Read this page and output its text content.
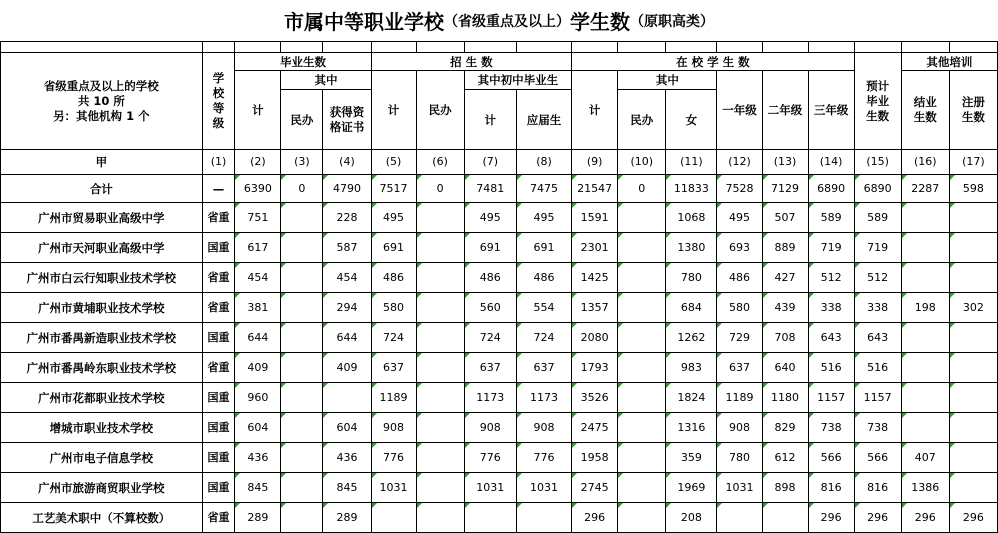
市属中等职业学校 （省级重点及以上） 学生数 （原职高类）

省级重点及以上的学校
共 10 所
另：其他机构 1 个	学校等级	毕业生数			招 生 数				在 校 学 生 数						预计毕业生数	其他培训	
		计	其中		计	民办	其中初中毕业生		计	其中		一年级	二年级	三年级		结业生数	注册生数
			民办	获得资格证书			计	应届生		民办	女						
甲	(1)	(2)	(3)	(4)	(5)	(6)	(7)	(8)	(9)	(10)	(11)	(12)	(13)	(14)	(15)	(16)	(17)
合计	—	6390	0	4790	7517	0	7481	7475	21547	0	11833	7528	7129	6890	6890	2287	598
广州市贸易职业高级中学	省重	751		228	495		495	495	1591		1068	495	507	589	589		
广州市天河职业高级中学	国重	617		587	691		691	691	2301		1380	693	889	719	719		
广州市白云行知职业技术学校	省重	454		454	486		486	486	1425		780	486	427	512	512		
广州市黄埔职业技术学校	省重	381		294	580		560	554	1357		684	580	439	338	338	198	302
广州市番禺新造职业技术学校	国重	644		644	724		724	724	2080		1262	729	708	643	643		
广州市番禺岭东职业技术学校	省重	409		409	637		637	637	1793		983	637	640	516	516		
广州市花都职业技术学校	国重	960			1189		1173	1173	3526		1824	1189	1180	1157	1157		
增城市职业技术学校	国重	604		604	908		908	908	2475		1316	908	829	738	738		
广州市电子信息学校	国重	436		436	776		776	776	1958		359	780	612	566	566	407	
广州市旅游商贸职业学校	国重	845		845	1031		1031	1031	2745		1969	1031	898	816	816	1386	
工艺美术职中（不算校数）	省重	289		289					296		208			296	296	296	296
